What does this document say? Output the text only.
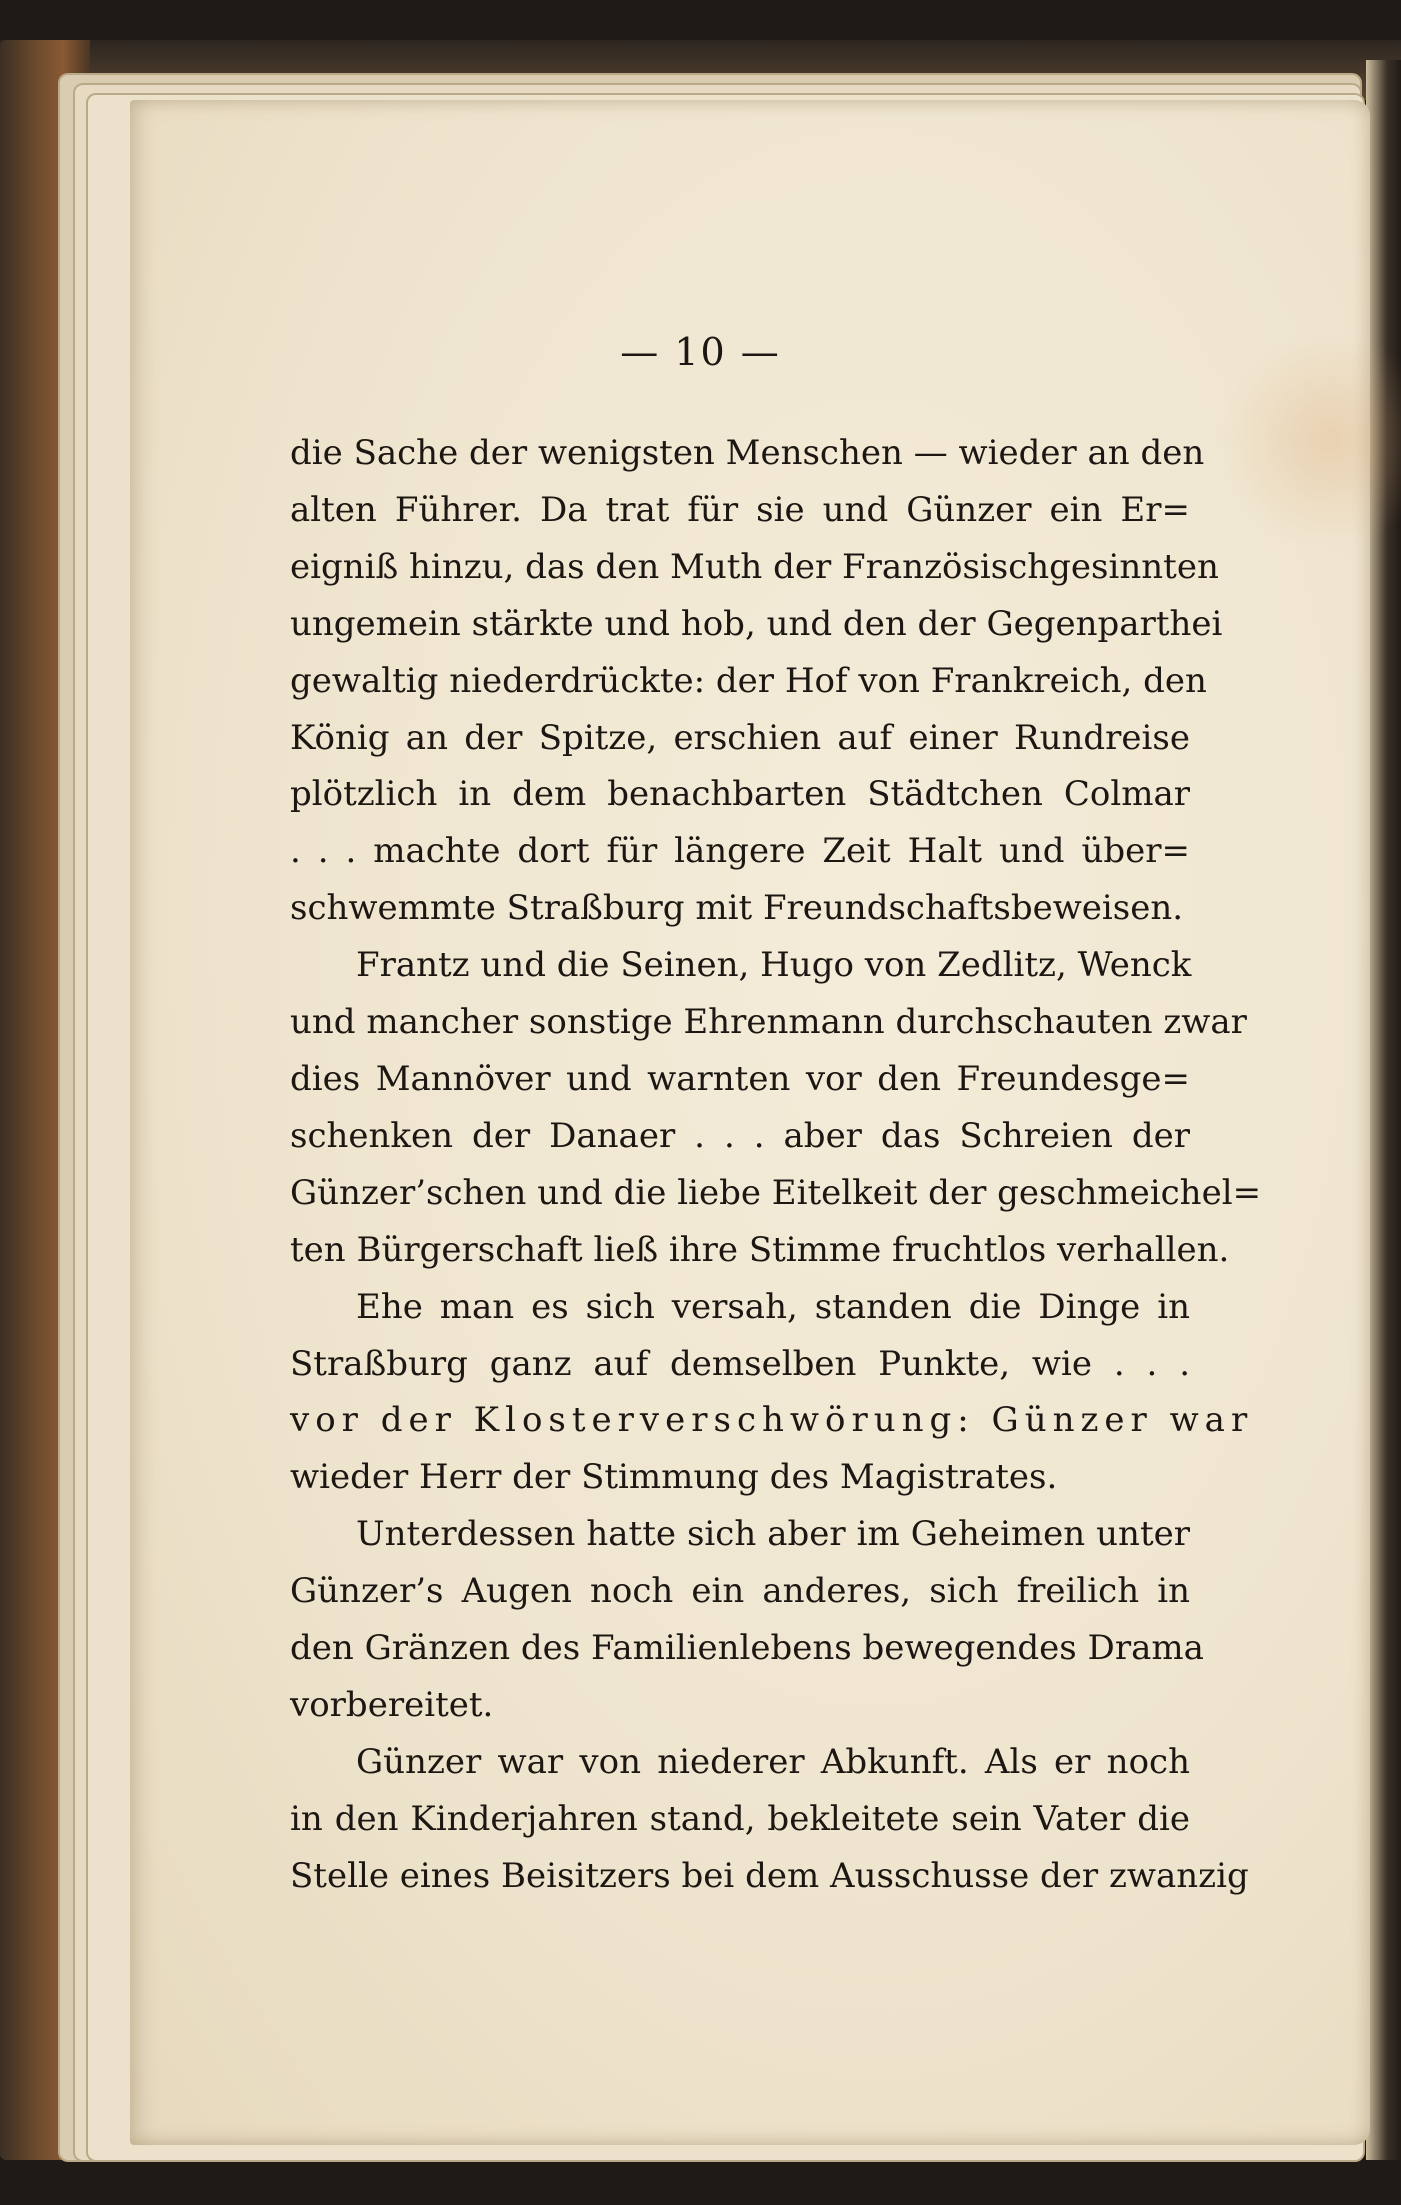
— 10 —
die Sache der wenigsten Menschen — wieder an den
alten Führer. Da trat für sie und Günzer ein Er=
eigniß hinzu, das den Muth der Französischgesinnten
ungemein stärkte und hob, und den der Gegenparthei
gewaltig niederdrückte: der Hof von Frankreich, den
König an der Spitze, erschien auf einer Rundreise
plötzlich in dem benachbarten Städtchen Colmar
. . . machte dort für längere Zeit Halt und über=
schwemmte Straßburg mit Freundschaftsbeweisen.
Frantz und die Seinen, Hugo von Zedlitz, Wenck
und mancher sonstige Ehrenmann durchschauten zwar
dies Mannöver und warnten vor den Freundesge=
schenken der Danaer . . . aber das Schreien der
Günzer’schen und die liebe Eitelkeit der geschmeichel=
ten Bürgerschaft ließ ihre Stimme fruchtlos verhallen.
Ehe man es sich versah, standen die Dinge in
Straßburg ganz auf demselben Punkte, wie . . .
vor der Klosterverschwörung: Günzer war
wieder Herr der Stimmung des Magistrates.
Unterdessen hatte sich aber im Geheimen unter
Günzer’s Augen noch ein anderes, sich freilich in
den Gränzen des Familienlebens bewegendes Drama
vorbereitet.
Günzer war von niederer Abkunft. Als er noch
in den Kinderjahren stand, bekleitete sein Vater die
Stelle eines Beisitzers bei dem Ausschusse der zwanzig
